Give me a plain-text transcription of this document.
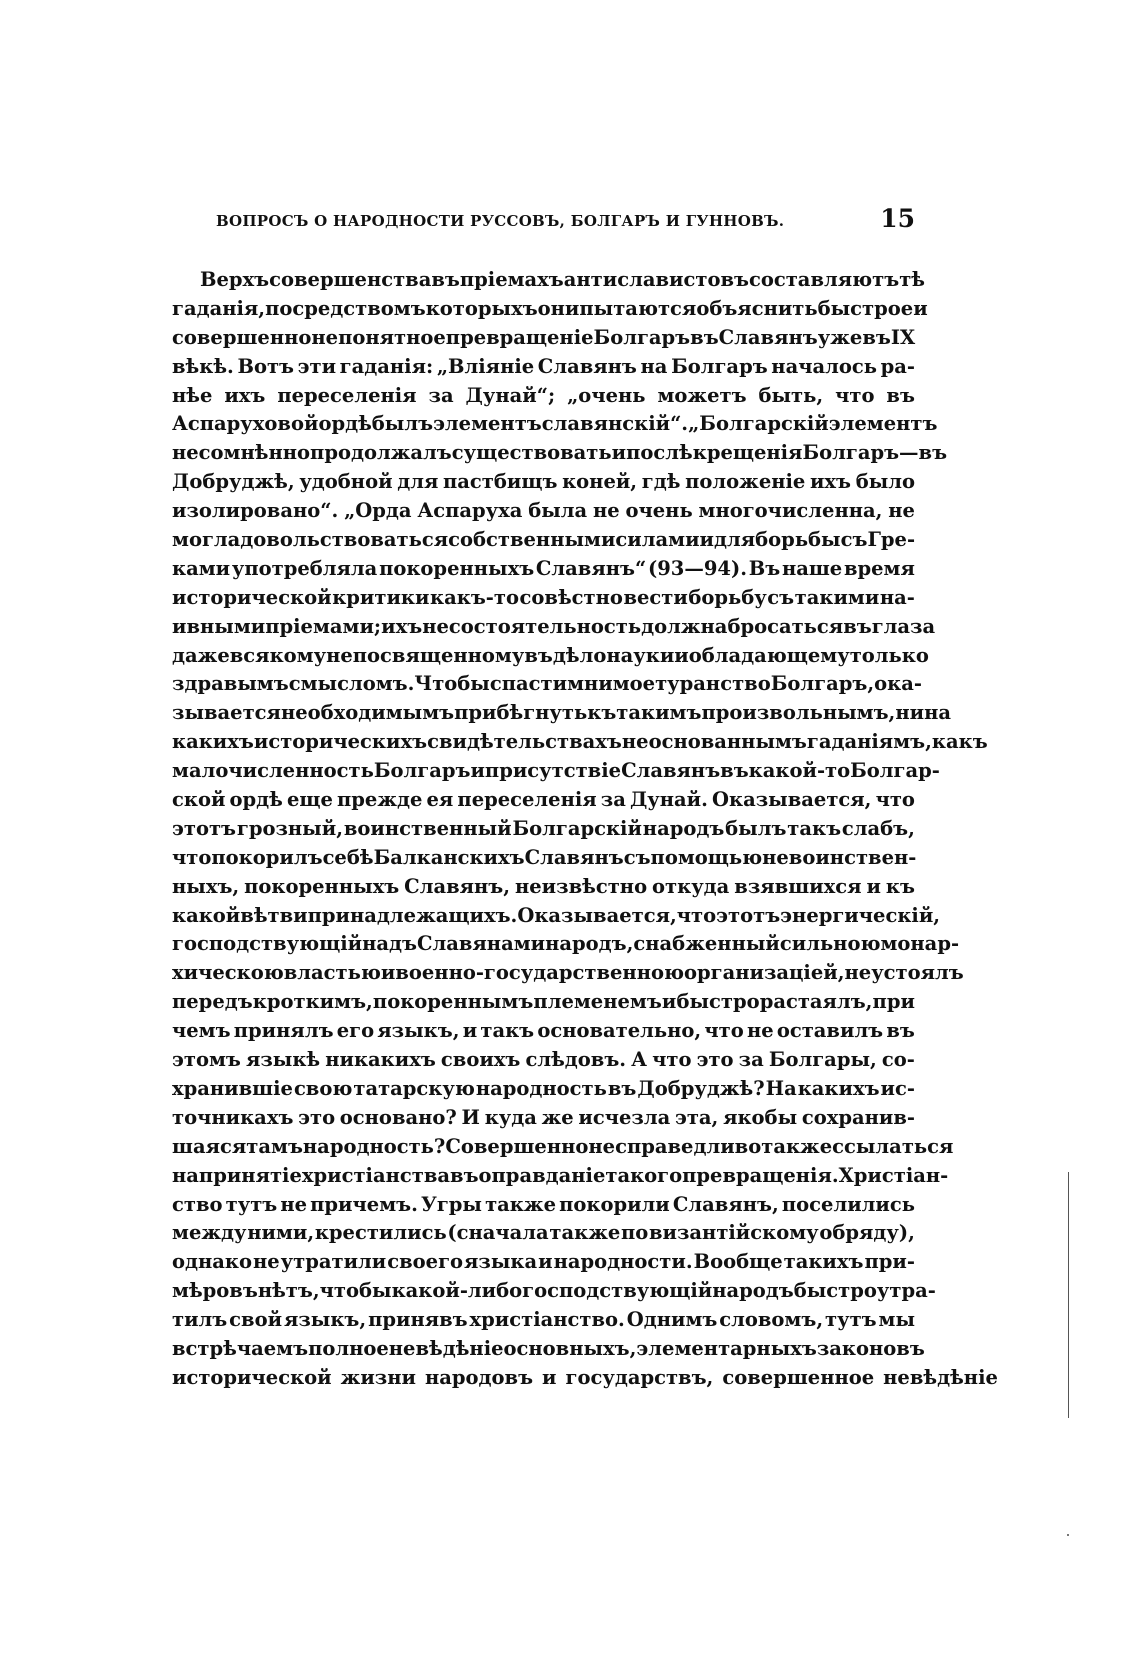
ВОПРОСЪ О НАРОДНОСТИ РУССОВЪ, БОЛГАРЪ И ГУННОВЪ.	15
Верхъ совершенства въ пріемахъ антиславистовъ составляютъ тѣ
гаданія, посредствомъ которыхъ они пытаются объяснить быстрое и
совершенно непонятное превращеніе Болгаръ въ Славянъ уже въ IX
вѣкѣ. Вотъ эти гаданія: „Вліяніе Славянъ на Болгаръ началось ра-
нѣе ихъ переселенія за Дунай“; „очень можетъ быть, что въ
Аспаруховой ордѣ былъ элементъ славянскій“. „Болгарскій элементъ
несомнѣнно продолжалъ существовать и послѣ крещенія Болгаръ—въ
Добруджѣ, удобной для пастбищъ коней, гдѣ положеніе ихъ было
изолировано“. „Орда Аспаруха была не очень многочисленна, не
могла довольствоваться собственными силами и для борьбы съ Гре-
ками употребляла покоренныхъ Славянъ“ (93—94). Въ наше время
исторической критики какъ-то совѣстно вести борьбу съ такими на-
ивными пріемами; ихъ несостоятельность должна бросаться въ глаза
даже всякому не посвященному въ дѣло науки и обладающему только
здравымъ смысломъ. Чтобы спасти мнимое туранство Болгаръ, ока-
зывается необходимымъ прибѣгнуть къ такимъ произвольнымъ, ни на
какихъ историческихъ свидѣтельствахъ не основаннымъ гаданіямъ, какъ
малочисленность Болгаръ и присутствіе Славянъ въ какой-то Болгар-
ской ордѣ еще прежде ея переселенія за Дунай. Оказывается, что
этотъ грозный, воинственный Болгарскій народъ былъ такъ слабъ,
что покорилъ себѣ Балканскихъ Славянъ съ помощью невоинствен-
ныхъ, покоренныхъ Славянъ, неизвѣстно откуда взявшихся и къ
какой вѣтви принадлежащихъ. Оказывается, что этотъ энергическій,
господствующій надъ Славянами народъ, снабженный сильною монар-
хическою властью и военно-государственною организаціей, не устоялъ
передъ кроткимъ, покореннымъ племенемъ и быстро растаялъ, при
чемъ принялъ его языкъ, и такъ основательно, что не оставилъ въ
этомъ языкѣ никакихъ своихъ слѣдовъ. А что это за Болгары, со-
хранившіе свою татарскую народность въ Добруджѣ? На какихъ ис-
точникахъ это основано? И куда же исчезла эта, якобы сохранив-
шаяся тамъ народность? Совершенно несправедливо также ссылаться
на принятіе христіанства въ оправданіе такого превращенія. Христіан-
ство тутъ не причемъ. Угры также покорили Славянъ, поселились
между ними, крестились (сначала также по византійскому обряду),
однако не утратили своего языка и народности. Вообще такихъ при-
мѣровъ нѣтъ, чтобы какой-либо господствующій народъ быстро утра-
тилъ свой языкъ, принявъ христіанство. Однимъ словомъ, тутъ мы
встрѣчаемъ полное невѣдѣніе основныхъ, элементарныхъ законовъ
исторической жизни народовъ и государствъ, совершенное невѣдѣніе
